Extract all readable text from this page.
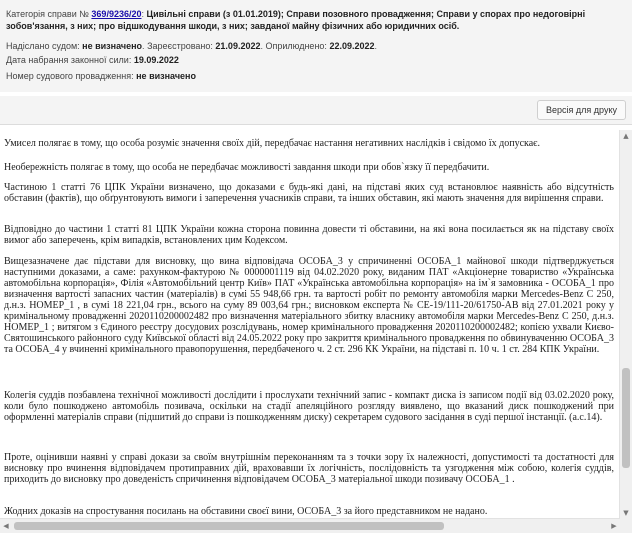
Категорія справи № 369/9236/20: Цивільні справи (з 01.01.2019); Справи позовного провадження; Справи у спорах про недоговірні зобов'язання, з них; про відшкодування шкоди, з них; завданої майну фізичних або юридичних осіб.
Надіслано судом: не визначено. Зареєстровано: 21.09.2022. Оприлюднено: 22.09.2022.
Дата набрання законної сили: 19.09.2022
Номер судового провадження: не визначено
Версія для друку

Умисел полягає в тому, що особа розуміє значення своїх дій, передбачає настання негативних наслідків і свідомо їх допускає.

Необережність полягає в тому, що особа не передбачає можливості завдання шкоди при обов`язку її передбачити.

Частиною 1 статті 76 ЦПК України визначено, що доказами є будь-які дані, на підставі яких суд встановлює наявність або відсутність обставин (фактів), що обґрунтовують вимоги і заперечення учасників справи, та інших обставин, які мають значення для вирішення справи.

Відповідно до частини 1 статті 81 ЦПК України кожна сторона повинна довести ті обставини, на які вона посилається як на підставу своїх вимог або заперечень, крім випадків, встановлених цим Кодексом.

Вищезазначене дає підстави для висновку, що вина відповідача ОСОБА_3 у спричиненні ОСОБА_1 майнової шкоди підтверджується наступними доказами, а саме: рахунком-фактурою № 0000001119 від 04.02.2020 року, виданим ПАТ «Акціонерне товариство «Українська автомобільна корпорація», Філія «Автомобільний центр Київ» ПАТ «Українська автомобільна корпорація» на ім`я замовника - ОСОБА_1 про визначення вартості запасних частин (матеріалів) в сумі 55 948,66 грн. та вартості робіт по ремонту автомобіля марки Mercedes-Benz С 250, д.н.з. НОМЕР_1 , в сумі 18 221,04 грн., всього на суму 89 003,64 грн.; висновком експерта № СЕ-19/111-20/61750-АВ від 27.01.2021 року у кримінальному провадженні 2020110200002482 про визначення матеріального збитку власнику автомобіля марки Mercedes-Benz С 250, д.н.з. НОМЕР_1 ; витягом з Єдиного реєстру досудових розслідувань, номер кримінального провадження 2020110200002482; копією ухвали Києво-Святошинського районного суду Київської області від 24.05.2022 року про закриття кримінального провадження по обвинуваченню ОСОБА_3 та ОСОБА_4 у вчиненні кримінального правопорушення, передбаченого ч. 2 ст. 296 КК України, на підставі п. 10 ч. 1 ст. 284 КПК України.

Колегія суддів позбавлена технічної можливості дослідити і прослухати технічний запис - компакт диска із записом події від 03.02.2020 року, коли було пошкоджено автомобіль позивача, оскільки на стадії апеляційного розгляду виявлено, що вказаний диск пошкоджений при оформленні матеріалів справи (підшитий до справи із пошкодженням диску) секретарем судового засідання в суді першої інстанції. (а.с.14).

Проте, оцінивши наявні у справі докази за своїм внутрішнім переконанням та з точки зору їх належності, допустимості та достатності для висновку про вчинення відповідачем протиправних дій, враховавши їх логічність, послідовність та узгодження між собою, колегія суддів, приходить до висновку про доведеність спричинення відповідачем ОСОБА_3 матеріальної шкоди позивачу ОСОБА_1 .

Жодних доказів на спростування посилань на обставини своєї вини, ОСОБА_3 за його представником не надано.

▲
▼
◀	▶
